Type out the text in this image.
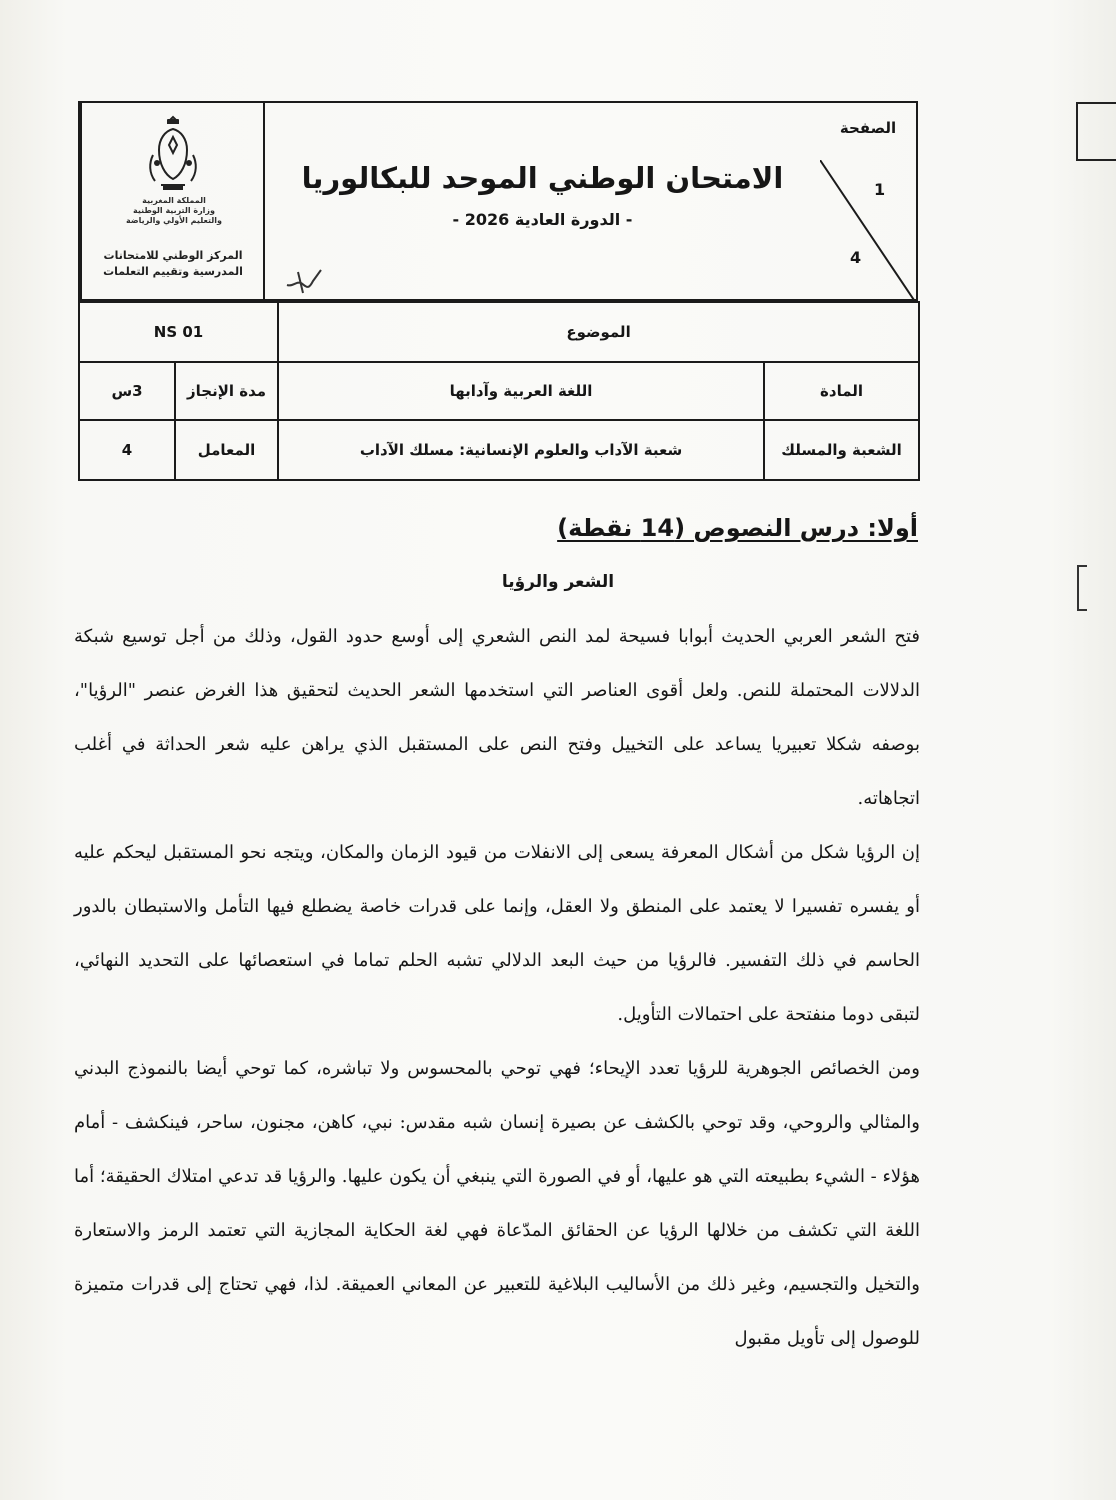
المملكة المغربية
وزارة التربية الوطنية
والتعليم الأولي والرياضة
المركز الوطني للامتحانات المدرسية وتقييم التعلمات
الامتحان الوطني الموحد للبكالوريا
- الدورة العادية 2026 -
الصفحة
1
4
الموضوع		NS 01	
المادة	اللغة العربية وآدابها	مدة الإنجاز	3س
الشعبة والمسلك	شعبة الآداب والعلوم الإنسانية: مسلك الآداب	المعامل	4
أولا: درس النصوص (14 نقطة)
الشعر والرؤيا

فتح الشعر العربي الحديث أبوابا فسيحة لمد النص الشعري إلى أوسع حدود القول، وذلك من أجل توسيع شبكة الدلالات المحتملة للنص. ولعل أقوى العناصر التي استخدمها الشعر الحديث لتحقيق هذا الغرض عنصر "الرؤيا"، بوصفه شكلا تعبيريا يساعد على التخييل وفتح النص على المستقبل الذي يراهن عليه شعر الحداثة في أغلب اتجاهاته.

إن الرؤيا شكل من أشكال المعرفة يسعى إلى الانفلات من قيود الزمان والمكان، ويتجه نحو المستقبل ليحكم عليه أو يفسره تفسيرا لا يعتمد على المنطق ولا العقل، وإنما على قدرات خاصة يضطلع فيها التأمل والاستبطان بالدور الحاسم في ذلك التفسير. فالرؤيا من حيث البعد الدلالي تشبه الحلم تماما في استعصائها على التحديد النهائي، لتبقى دوما منفتحة على احتمالات التأويل.

ومن الخصائص الجوهرية للرؤيا تعدد الإيحاء؛ فهي توحي بالمحسوس ولا تباشره، كما توحي أيضا بالنموذج البدني والمثالي والروحي، وقد توحي بالكشف عن بصيرة إنسان شبه مقدس: نبي، كاهن، مجنون، ساحر، فينكشف - أمام هؤلاء - الشيء بطبيعته التي هو عليها، أو في الصورة التي ينبغي أن يكون عليها. والرؤيا قد تدعي امتلاك الحقيقة؛ أما اللغة التي تكشف من خلالها الرؤيا عن الحقائق المدّعاة فهي لغة الحكاية المجازية التي تعتمد الرمز والاستعارة والتخيل والتجسيم، وغير ذلك من الأساليب البلاغية للتعبير عن المعاني العميقة. لذا، فهي تحتاج إلى قدرات متميزة للوصول إلى تأويل مقبول
